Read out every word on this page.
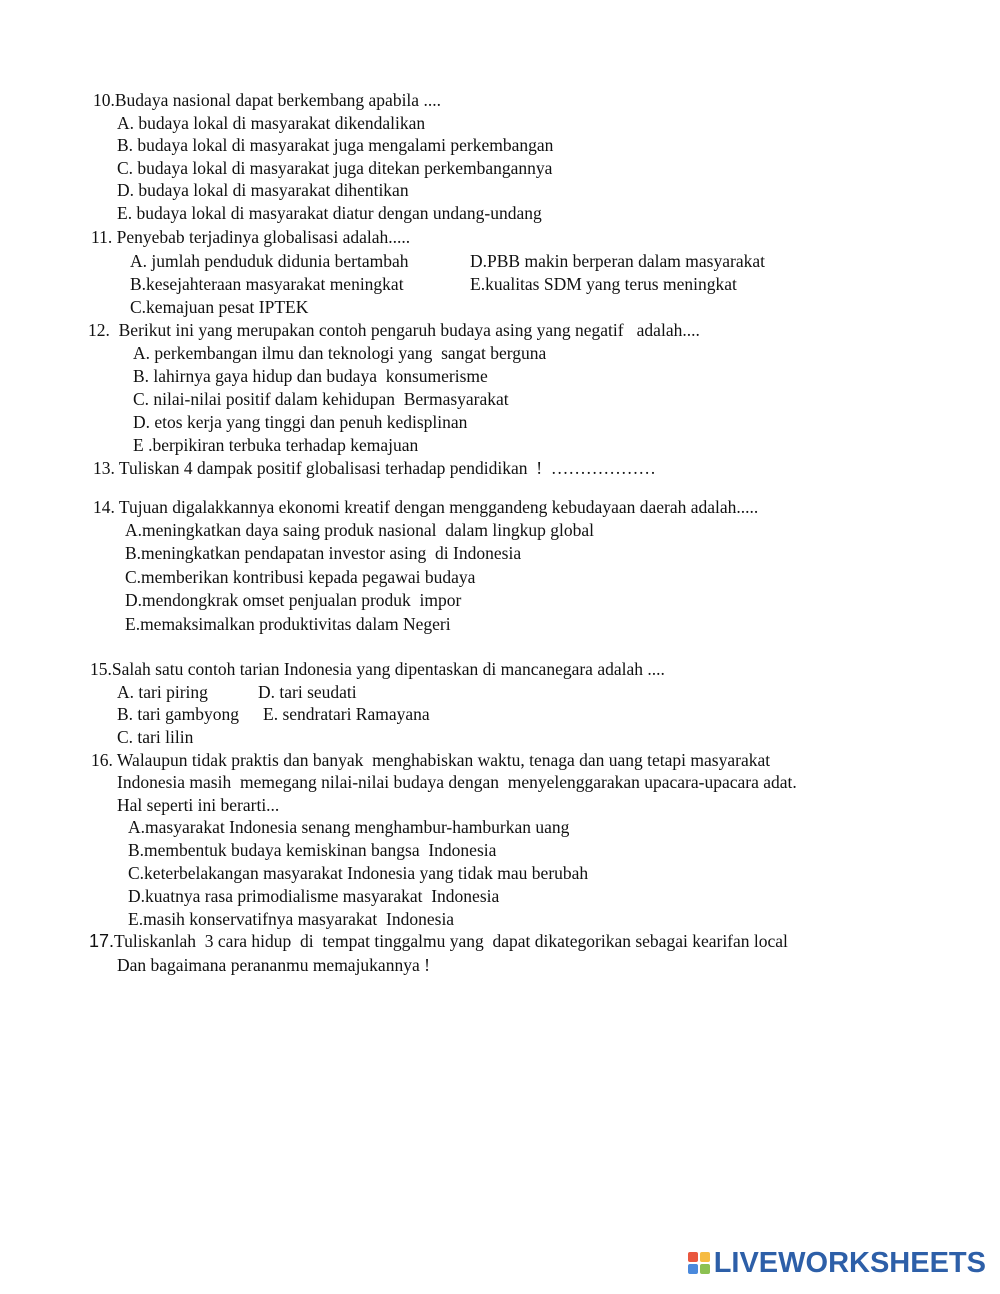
10.Budaya nasional dapat berkembang apabila ....
A. budaya lokal di masyarakat dikendalikan
B. budaya lokal di masyarakat juga mengalami perkembangan
C. budaya lokal di masyarakat juga ditekan perkembangannya
D. budaya lokal di masyarakat dihentikan
E. budaya lokal di masyarakat diatur dengan undang-undang
11. Penyebab terjadinya globalisasi adalah.....
A. jumlah penduduk didunia bertambah	D.PBB makin berperan dalam masyarakat
B.kesejahteraan masyarakat meningkat	E.kualitas SDM yang terus meningkat
C.kemajuan pesat IPTEK
12.  Berikut ini yang merupakan contoh pengaruh budaya asing yang negatif   adalah....
A. perkembangan ilmu dan teknologi yang  sangat berguna
B. lahirnya gaya hidup dan budaya  konsumerisme
C. nilai-nilai positif dalam kehidupan  Bermasyarakat
D. etos kerja yang tinggi dan penuh kedisplinan
E .berpikiran terbuka terhadap kemajuan
13. Tuliskan 4 dampak positif globalisasi terhadap pendidikan  !  ………………
14. Tujuan digalakkannya ekonomi kreatif dengan menggandeng kebudayaan daerah adalah.....
A.meningkatkan daya saing produk nasional  dalam lingkup global
B.meningkatkan pendapatan investor asing  di Indonesia
C.memberikan kontribusi kepada pegawai budaya
D.mendongkrak omset penjualan produk  impor
E.memaksimalkan produktivitas dalam Negeri
15.Salah satu contoh tarian Indonesia yang dipentaskan di mancanegara adalah ....
A. tari piring	D. tari seudati
B. tari gambyong E. sendratari Ramayana
C. tari lilin
16. Walaupun tidak praktis dan banyak  menghabiskan waktu, tenaga dan uang tetapi masyarakat
Indonesia masih  memegang nilai-nilai budaya dengan  menyelenggarakan upacara-upacara adat.
Hal seperti ini berarti...
A.masyarakat Indonesia senang menghambur-hamburkan uang
B.membentuk budaya kemiskinan bangsa  Indonesia
C.keterbelakangan masyarakat Indonesia yang tidak mau berubah
D.kuatnya rasa primodialisme masyarakat  Indonesia
E.masih konservatifnya masyarakat  Indonesia
17.Tuliskanlah  3 cara hidup  di  tempat tinggalmu yang  dapat dikategorikan sebagai kearifan local
Dan bagaimana perananmu memajukannya !
LIVEWORKSHEETS
